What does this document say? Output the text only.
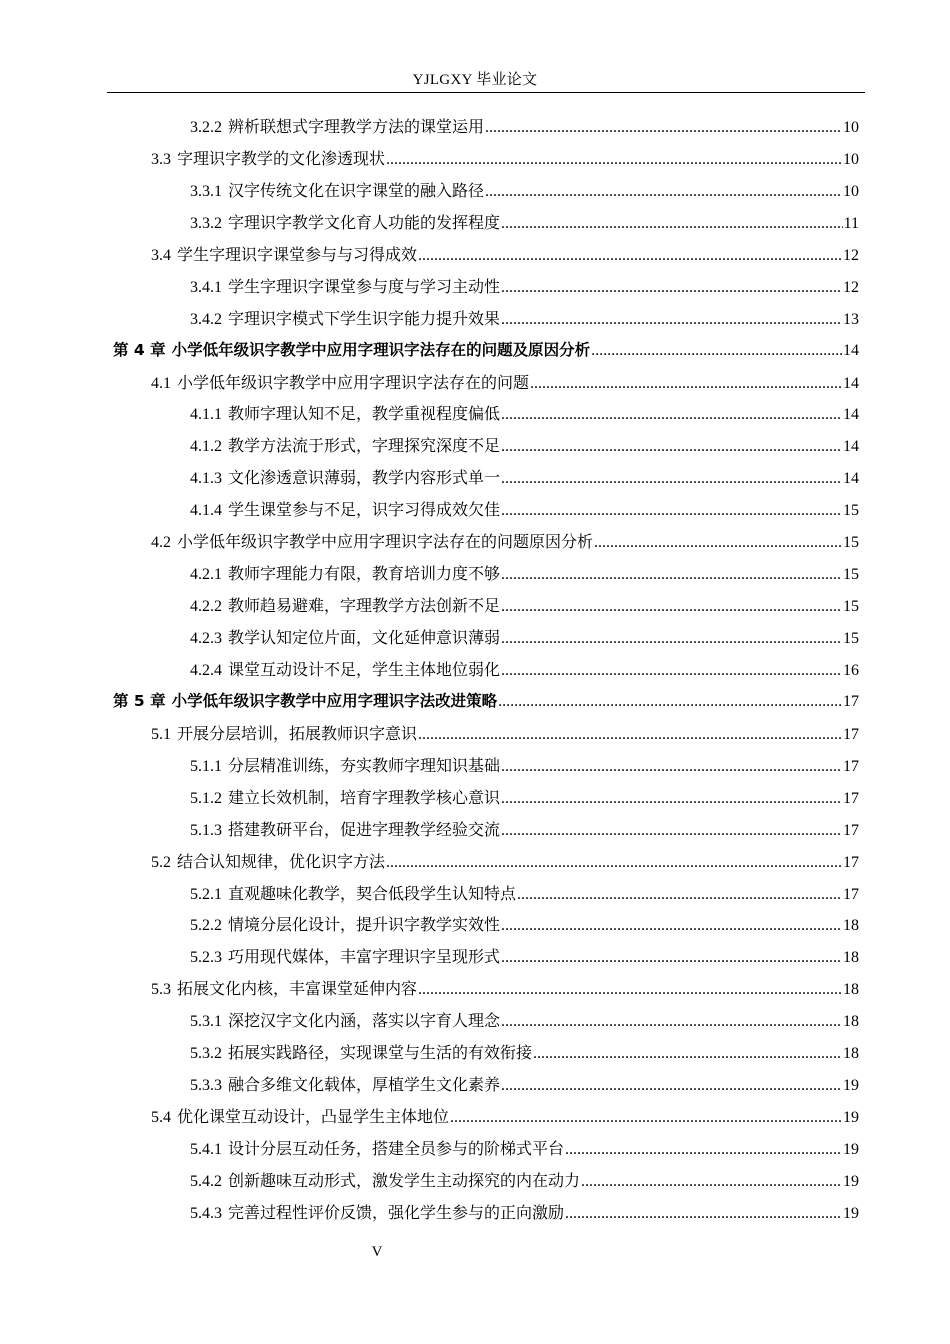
YJLGXY 毕业论文
3.2.2 辨析联想式字理教学方法的课堂运用 .....	10
3.3 字理识字教学的文化渗透现状 .....	10
3.3.1 汉字传统文化在识字课堂的融入路径 .....	10
3.3.2 字理识字教学文化育人功能的发挥程度 .....	11
3.4 学生字理识字课堂参与与习得成效 .....	12
3.4.1 学生字理识字课堂参与度与学习主动性 .....	12
3.4.2 字理识字模式下学生识字能力提升效果 .....	13
第 4 章 小学低年级识字教学中应用字理识字法存在的问题及原因分析 .....	14
4.1 小学低年级识字教学中应用字理识字法存在的问题 .....	14
4.1.1 教师字理认知不足，教学重视程度偏低 .....	14
4.1.2 教学方法流于形式，字理探究深度不足 .....	14
4.1.3 文化渗透意识薄弱，教学内容形式单一 .....	14
4.1.4 学生课堂参与不足，识字习得成效欠佳 .....	15
4.2 小学低年级识字教学中应用字理识字法存在的问题原因分析 .....	15
4.2.1 教师字理能力有限，教育培训力度不够 .....	15
4.2.2 教师趋易避难，字理教学方法创新不足 .....	15
4.2.3 教学认知定位片面，文化延伸意识薄弱 .....	15
4.2.4 课堂互动设计不足，学生主体地位弱化 .....	16
第 5 章 小学低年级识字教学中应用字理识字法改进策略 .....	17
5.1 开展分层培训，拓展教师识字意识 .....	17
5.1.1 分层精准训练，夯实教师字理知识基础 .....	17
5.1.2 建立长效机制，培育字理教学核心意识 .....	17
5.1.3 搭建教研平台，促进字理教学经验交流 .....	17
5.2 结合认知规律，优化识字方法 .....	17
5.2.1 直观趣味化教学，契合低段学生认知特点 .....	17
5.2.2 情境分层化设计，提升识字教学实效性 .....	18
5.2.3 巧用现代媒体，丰富字理识字呈现形式 .....	18
5.3 拓展文化内核，丰富课堂延伸内容 .....	18
5.3.1 深挖汉字文化内涵，落实以字育人理念 .....	18
5.3.2 拓展实践路径，实现课堂与生活的有效衔接 .....	18
5.3.3 融合多维文化载体，厚植学生文化素养 .....	19
5.4 优化课堂互动设计，凸显学生主体地位 .....	19
5.4.1 设计分层互动任务，搭建全员参与的阶梯式平台 .....	19
5.4.2 创新趣味互动形式，激发学生主动探究的内在动力 .....	19
5.4.3 完善过程性评价反馈，强化学生参与的正向激励 .....	19
V
